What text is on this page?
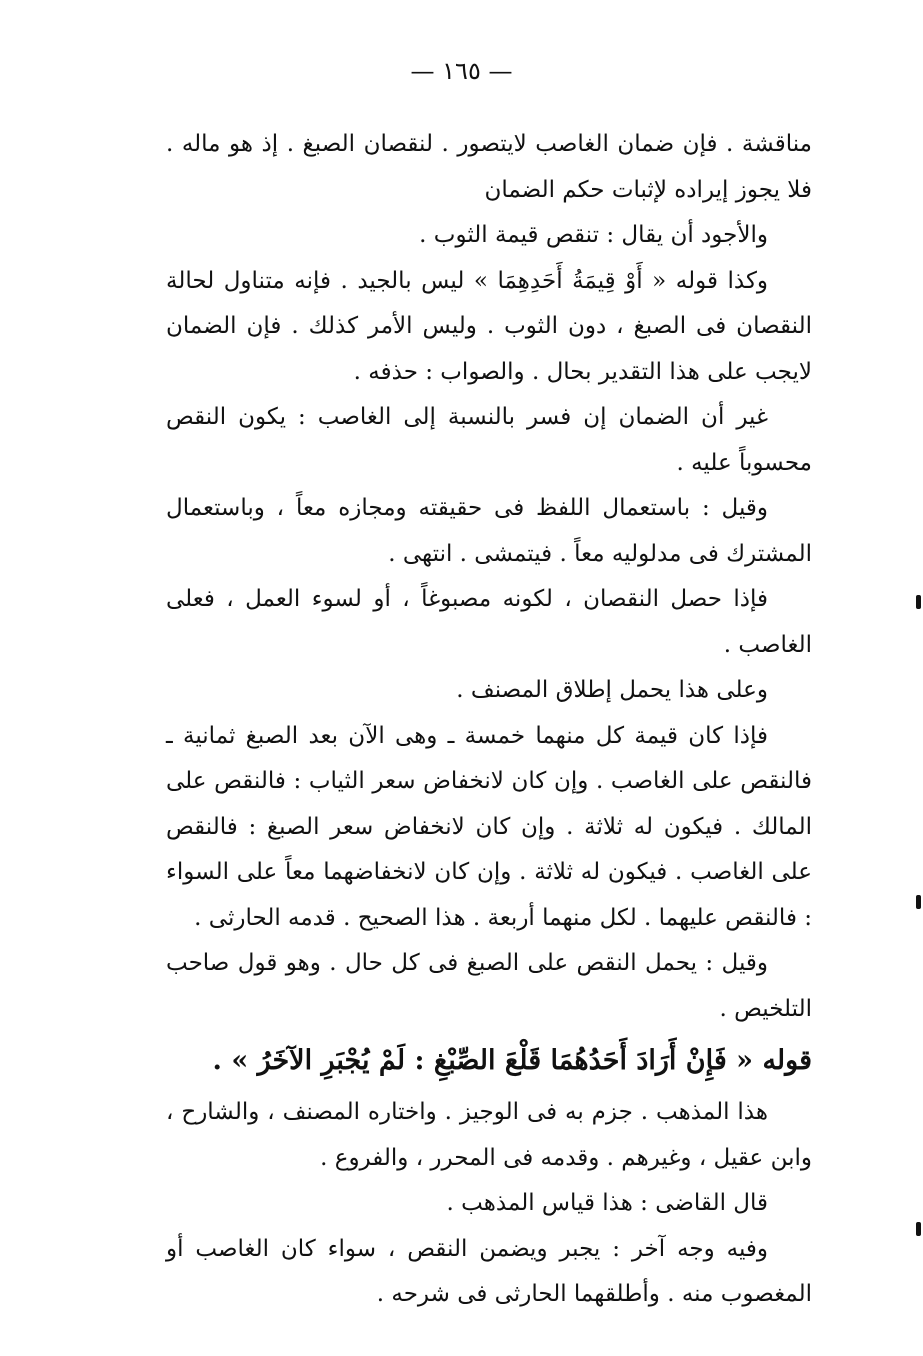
— ١٦٥ —

مناقشة . فإن ضمان الغاصب لايتصور . لنقصان الصبغ . إذ هو ماله . فلا يجوز إيراده لإثبات حكم الضمان

والأجود أن يقال : تنقص قيمة الثوب .

وكذا قوله « أَوْ قِيمَةُ أَحَدِهِمَا » ليس بالجيد . فإنه متناول لحالة النقصان فى الصبغ ، دون الثوب . وليس الأمر كذلك . فإن الضمان لايجب على هذا التقدير بحال . والصواب : حذفه .

غير أن الضمان إن فسر بالنسبة إلى الغاصب : يكون النقص محسوباً عليه .

وقيل : باستعمال اللفظ فى حقيقته ومجازه معاً ، وباستعمال المشترك فى مدلوليه معاً . فيتمشى . انتهى .

فإذا حصل النقصان ، لكونه مصبوغاً ، أو لسوء العمل ، فعلى الغاصب .

وعلى هذا يحمل إطلاق المصنف .

فإذا كان قيمة كل منهما خمسة ـ وهى الآن بعد الصبغ ثمانية ـ فالنقص على الغاصب . وإن كان لانخفاض سعر الثياب : فالنقص على المالك . فيكون له ثلاثة . وإن كان لانخفاض سعر الصبغ : فالنقص على الغاصب . فيكون له ثلاثة . وإن كان لانخفاضهما معاً على السواء : فالنقص عليهما . لكل منهما أربعة . هذا الصحيح . قدمه الحارثى .

وقيل : يحمل النقص على الصبغ فى كل حال . وهو قول صاحب التلخيص .

قوله « فَإِنْ أَرَادَ أَحَدُهُمَا قَلْعَ الصِّبْغِ : لَمْ يُجْبَرِ الآخَرُ » .

هذا المذهب . جزم به فى الوجيز . واختاره المصنف ، والشارح ، وابن عقيل ، وغيرهم . وقدمه فى المحرر ، والفروع .

قال القاضى : هذا قياس المذهب .

وفيه وجه آخر : يجبر ويضمن النقص ، سواء كان الغاصب أو المغصوب منه . وأطلقهما الحارثى فى شرحه .
